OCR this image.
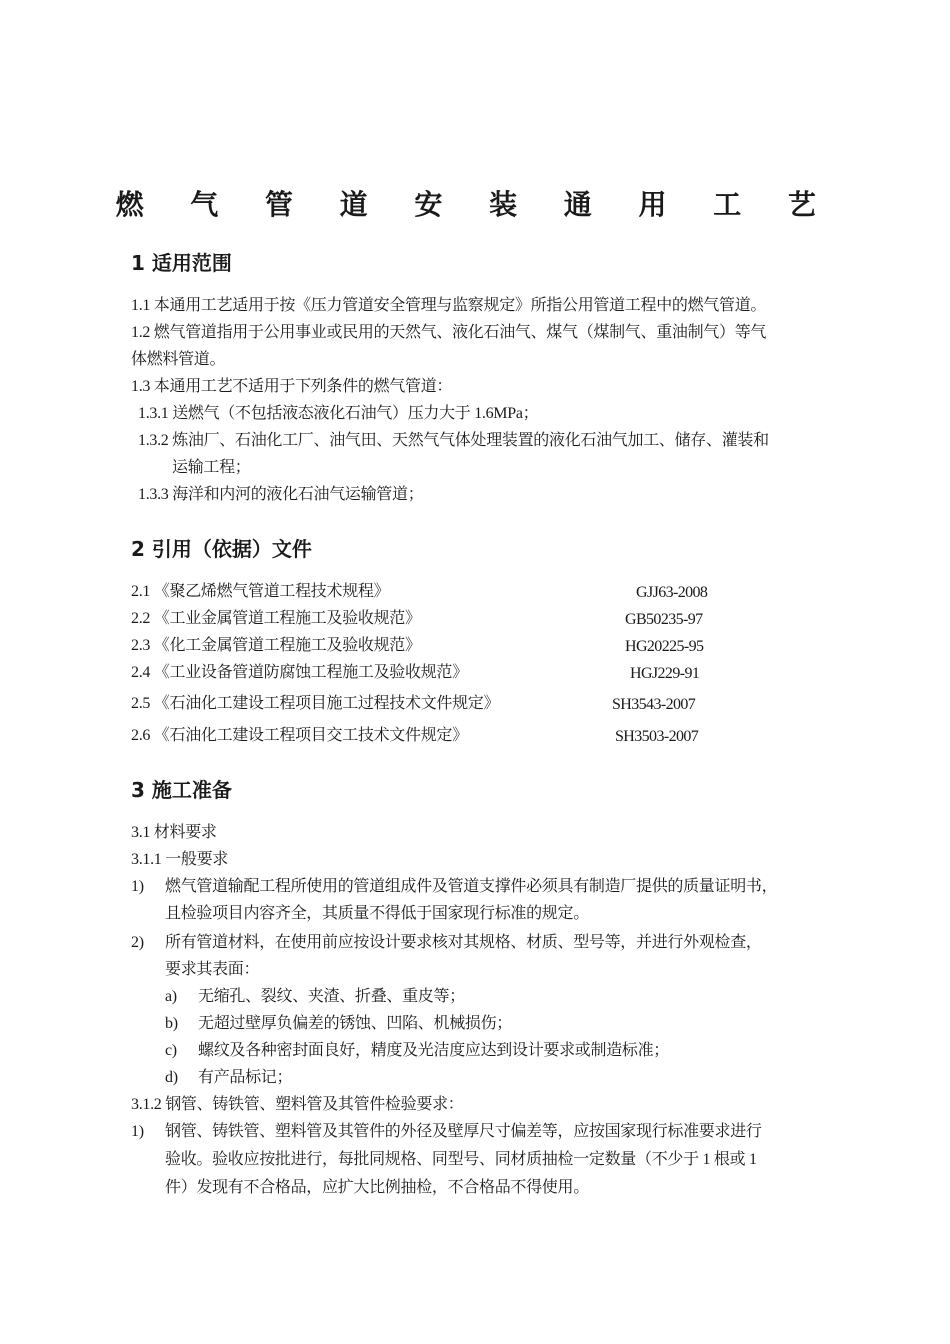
燃 气 管 道 安 装 通 用 工 艺
1 适用范围
1.1 本通用工艺适用于按《压力管道安全管理与监察规定》所指公用管道工程中的燃气管道。
1.2 燃气管道指用于公用事业或民用的天然气、液化石油气、煤气（煤制气、重油制气）等气
体燃料管道。
1.3 本通用工艺不适用于下列条件的燃气管道：
1.3.1 送燃气（不包括液态液化石油气）压力大于 1.6MPa；
1.3.2 炼油厂、石油化工厂、油气田、天然气气体处理装置的液化石油气加工、储存、灌装和
运输工程；
1.3.3 海洋和内河的液化石油气运输管道；
2 引用（依据）文件
2.1 《聚乙烯燃气管道工程技术规程》	GJJ63-2008
2.2 《工业金属管道工程施工及验收规范》	GB50235-97
2.3 《化工金属管道工程施工及验收规范》	HG20225-95
2.4 《工业设备管道防腐蚀工程施工及验收规范》	HGJ229-91
2.5 《石油化工建设工程项目施工过程技术文件规定》	SH3543-2007
2.6 《石油化工建设工程项目交工技术文件规定》	SH3503-2007
3 施工准备
3.1 材料要求
3.1.1 一般要求
1) 燃气管道输配工程所使用的管道组成件及管道支撑件必须具有制造厂提供的质量证明书，
且检验项目内容齐全，其质量不得低于国家现行标准的规定。
2) 所有管道材料，在使用前应按设计要求核对其规格、材质、型号等，并进行外观检查，
要求其表面：
a) 无缩孔、裂纹、夹渣、折叠、重皮等；
b) 无超过壁厚负偏差的锈蚀、凹陷、机械损伤；
c) 螺纹及各种密封面良好，精度及光洁度应达到设计要求或制造标准；
d) 有产品标记；
3.1.2 钢管、铸铁管、塑料管及其管件检验要求：
1) 钢管、铸铁管、塑料管及其管件的外径及壁厚尺寸偏差等，应按国家现行标准要求进行
验收。验收应按批进行，每批同规格、同型号、同材质抽检一定数量（不少于 1 根或 1
件）发现有不合格品，应扩大比例抽检，不合格品不得使用。
